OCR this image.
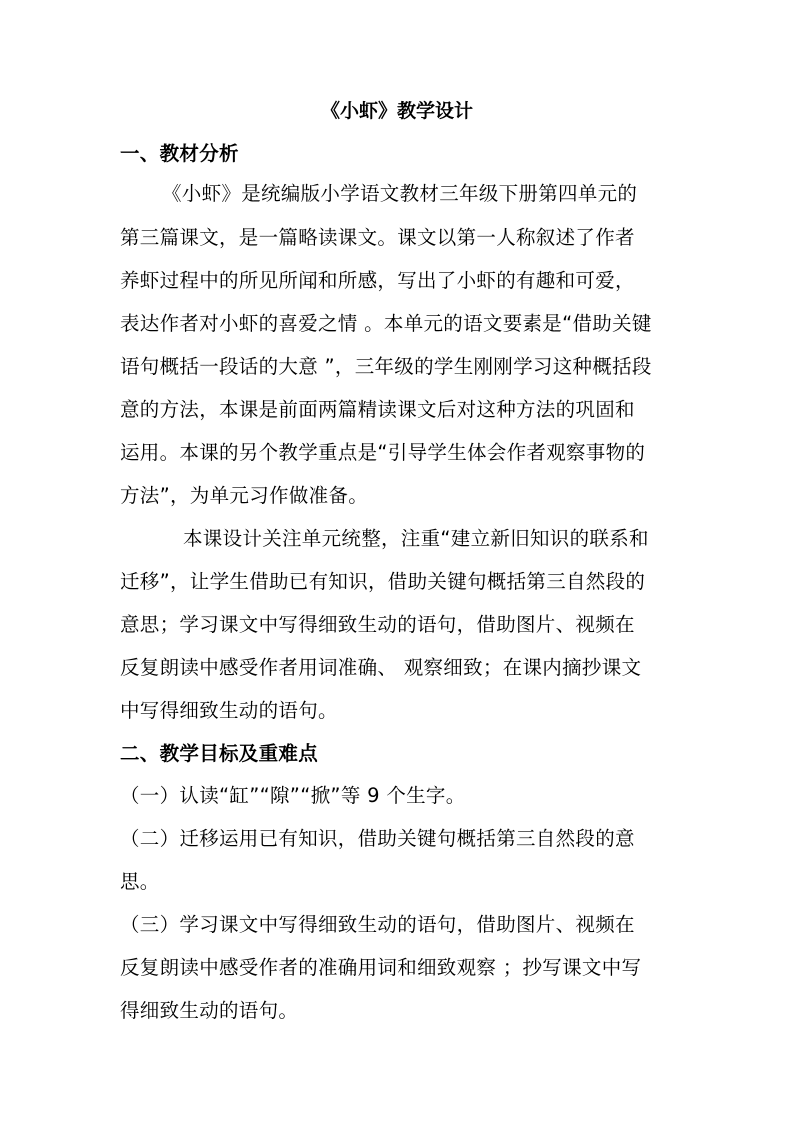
《小虾》教学设计
一、教材分析
《小虾》是统编版小学语文教材三年级下册第四单元的
第三篇课文，是一篇略读课文。课文以第一人称叙述了作者
养虾过程中的所见所闻和所感，写出了小虾的有趣和可爱，
表达作者对小虾的喜爱之情 。本单元的语文要素是“借助关键
语句概括一段话的大意 ”，三年级的学生刚刚学习这种概括段
意的方法，本课是前面两篇精读课文后对这种方法的巩固和
运用。本课的另个教学重点是“引导学生体会作者观察事物的
方法”，为单元习作做准备。
本课设计关注单元统整，注重“建立新旧知识的联系和
迁移”，让学生借助已有知识，借助关键句概括第三自然段的
意思；学习课文中写得细致生动的语句，借助图片、视频在
反复朗读中感受作者用词准确、 观察细致；在课内摘抄课文
中写得细致生动的语句。
二、教学目标及重难点
（一）认读“缸”“隙”“掀”等 9 个生字。
（二）迁移运用已有知识，借助关键句概括第三自然段的意
思。
（三）学习课文中写得细致生动的语句，借助图片、视频在
反复朗读中感受作者的准确用词和细致观察 ；抄写课文中写
得细致生动的语句。
